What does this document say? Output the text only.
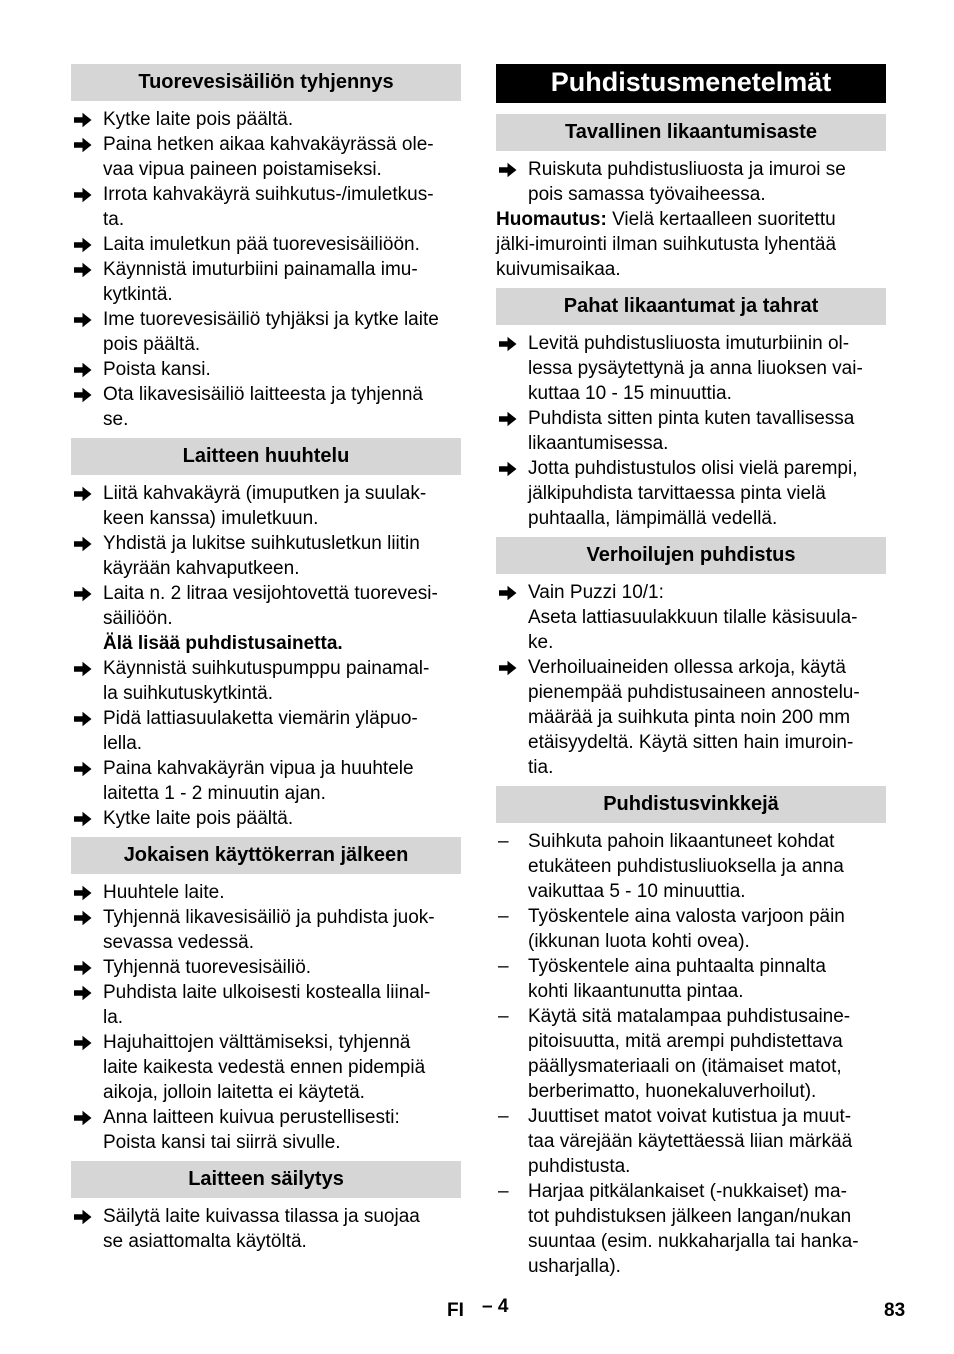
Tuorevesisäiliön tyhjennys
Kytke laite pois päältä.
Paina hetken aikaa kahvakäyrässä ole-
vaa vipua paineen poistamiseksi.
Irrota kahvakäyrä suihkutus-/imuletkus-
ta.
Laita imuletkun pää tuorevesisäiliöön.
Käynnistä imuturbiini painamalla imu-
kytkintä.
Ime tuorevesisäiliö tyhjäksi ja kytke laite
pois päältä.
Poista kansi.
Ota likavesisäiliö laitteesta ja tyhjennä
se.
Laitteen huuhtelu
Liitä kahvakäyrä (imuputken ja suulak-
keen kanssa) imuletkuun.
Yhdistä ja lukitse suihkutusletkun liitin
käyrään kahvaputkeen.
Laita n. 2 litraa vesijohtovettä tuorevesi-
säiliöön.
Älä lisää puhdistusainetta.
Käynnistä suihkutuspumppu painamal-
la suihkutuskytkintä.
Pidä lattiasuulaketta viemärin yläpuo-
lella.
Paina kahvakäyrän vipua ja huuhtele
laitetta 1 - 2 minuutin ajan.
Kytke laite pois päältä.
Jokaisen käyttökerran jälkeen
Huuhtele laite.
Tyhjennä likavesisäiliö ja puhdista juok-
sevassa vedessä.
Tyhjennä tuorevesisäiliö.
Puhdista laite ulkoisesti kostealla liinal-
la.
Hajuhaittojen välttämiseksi, tyhjennä
laite kaikesta vedestä ennen pidempiä
aikoja, jolloin laitetta ei käytetä.
Anna laitteen kuivua perustellisesti:
Poista kansi tai siirrä sivulle.
Laitteen säilytys
Säilytä laite kuivassa tilassa ja suojaa
se asiattomalta käytöltä.
Puhdistusmenetelmät
Tavallinen likaantumisaste
Ruiskuta puhdistusliuosta ja imuroi se
pois samassa työvaiheessa.
Huomautus: Vielä kertaalleen suoritettu
jälki-imurointi ilman suihkutusta lyhentää
kuivumisaikaa.
Pahat likaantumat ja tahrat
Levitä puhdistusliuosta imuturbiinin ol-
lessa pysäytettynä ja anna liuoksen vai-
kuttaa 10 - 15 minuuttia.
Puhdista sitten pinta kuten tavallisessa
likaantumisessa.
Jotta puhdistustulos olisi vielä parempi,
jälkipuhdista tarvittaessa pinta vielä
puhtaalla, lämpimällä vedellä.
Verhoilujen puhdistus
Vain Puzzi 10/1:
Aseta lattiasuulakkuun tilalle käsisuula-
ke.
Verhoiluaineiden ollessa arkoja, käytä
pienempää puhdistusaineen annostelu-
määrää ja suihkuta pinta noin 200 mm
etäisyydeltä. Käytä sitten hain imuroin-
tia.
Puhdistusvinkkejä
–	Suihkuta pahoin likaantuneet kohdat
etukäteen puhdistusliuoksella ja anna
vaikuttaa 5 - 10 minuuttia.
–	Työskentele aina valosta varjoon päin
(ikkunan luota kohti ovea).
–	Työskentele aina puhtaalta pinnalta
kohti likaantunutta pintaa.
–	Käytä sitä matalampaa puhdistusaine-
pitoisuutta, mitä arempi puhdistettava
päällysmateriaali on (itämaiset matot,
berberimatto, huonekaluverhoilut).
–	Juuttiset matot voivat kutistua ja muut-
taa värejään käytettäessä liian märkää
puhdistusta.
–	Harjaa pitkälankaiset (-nukkaiset) ma-
tot puhdistuksen jälkeen langan/nukan
suuntaa (esim. nukkaharjalla tai hanka-
usharjalla).
FI – 4	83
